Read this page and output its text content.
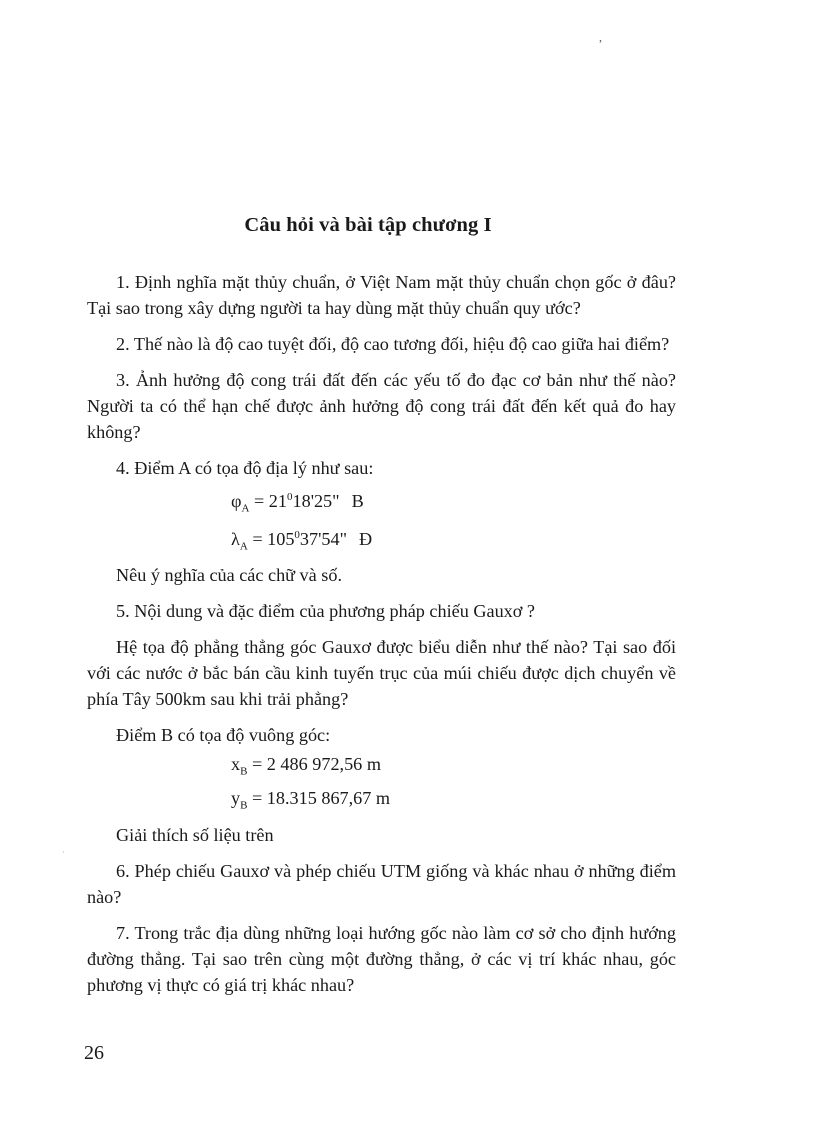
,
Câu hỏi và bài tập chương I

1. Định nghĩa mặt thủy chuẩn, ở Việt Nam mặt thủy chuẩn chọn gốc ở đâu? Tại sao trong xây dựng người ta hay dùng mặt thủy chuẩn quy ước?

2. Thế nào là độ cao tuyệt đối, độ cao tương đối, hiệu độ cao giữa hai điểm?

3. Ảnh hưởng độ cong trái đất đến các yếu tố đo đạc cơ bản như thế nào? Người ta có thể hạn chế được ảnh hưởng độ cong trái đất đến kết quả đo hay không?

4. Điểm A có tọa độ địa lý như sau:

$\varphi_A = 21^018'25$" B
$\lambda_A = 105^037'54$" Đ

Nêu ý nghĩa của các chữ và số.

5. Nội dung và đặc điểm của phương pháp chiếu Gauxơ ?

Hệ tọa độ phẳng thẳng góc Gauxơ được biểu diễn như thế nào? Tại sao đối với các nước ở bắc bán cầu kinh tuyến trục của múi chiếu được dịch chuyển về phía Tây 500km sau khi trải phẳng?

Điểm B có tọa độ vuông góc:

$x_B = 2$ 486 972,56 m
$y_B = 18.315$ 867,67 m

Giải thích số liệu trên

6. Phép chiếu Gauxơ và phép chiếu UTM giống và khác nhau ở những điểm nào?

7. Trong trắc địa dùng những loại hướng gốc nào làm cơ sở cho định hướng đường thẳng. Tại sao trên cùng một đường thẳng, ở các vị trí khác nhau, góc phương vị thực có giá trị khác nhau?

·
26
